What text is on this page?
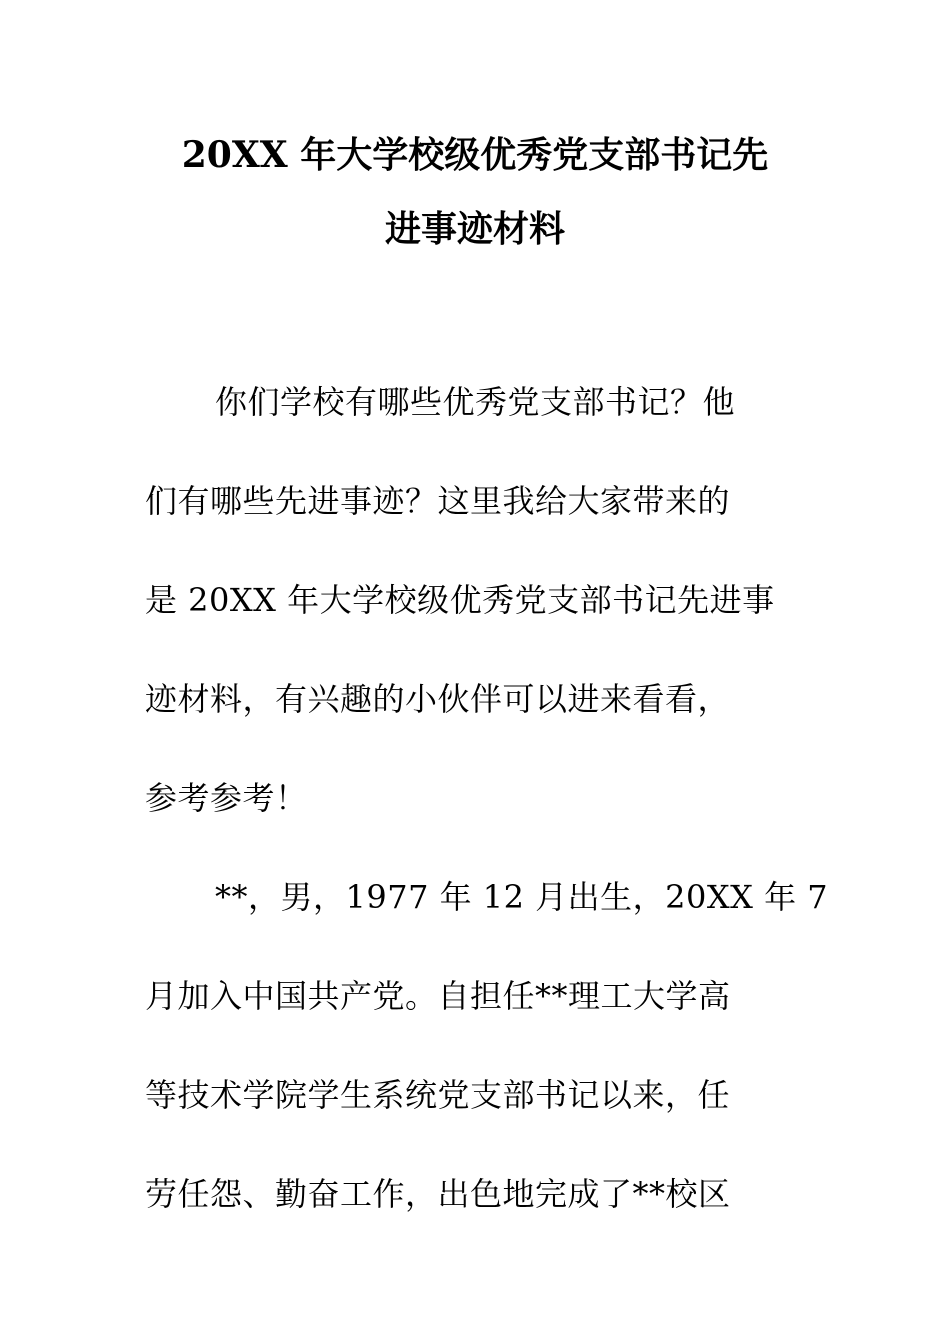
20XX 年大学校级优秀党支部书记先
进事迹材料
你们学校有哪些优秀党支部书记？他
们有哪些先进事迹？这里我给大家带来的
是 20XX 年大学校级优秀党支部书记先进事
迹材料，有兴趣的小伙伴可以进来看看，
参考参考！
**，男，1977 年 12 月出生，20XX 年 7
月加入中国共产党。自担任**理工大学高
等技术学院学生系统党支部书记以来，任
劳任怨、勤奋工作，出色地完成了**校区
